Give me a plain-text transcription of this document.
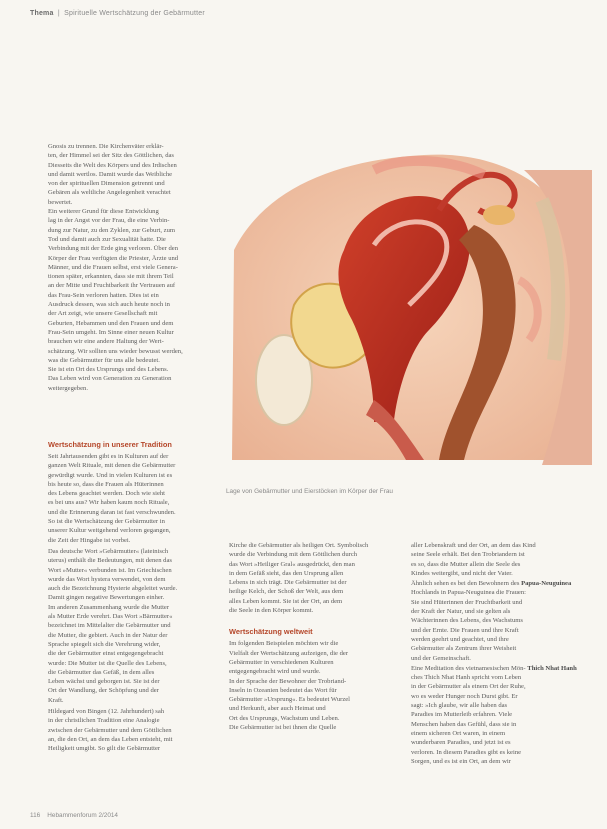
Thema  |  Spirituelle Wertschätzung der Gebärmutter
Gnosis zu trennen. Die Kirchenväter erklär-
ten, der Himmel sei der Sitz des Göttlichen, das
Diesseits die Welt des Körpers und des Irdischen
und damit wertlos. Damit wurde das Weibliche
von der spirituellen Dimension getrennt und
Gebären als weltliche Angelegenheit verachtet
bewertet.
Ein weiterer Grund für diese Entwicklung
lag in der Angst vor der Frau, die eine Verbin-
dung zur Natur, zu den Zyklen, zur Geburt, zum
Tod und damit auch zur Sexualität hatte. Die
Verbindung mit der Erde ging verloren. Über den
Körper der Frau verfügten die Priester, Ärzte und
Männer, und die Frauen selbst, erst viele Genera-
tionen später, erkannten, dass sie mit ihrem Teil
an der Mitte und Fruchtbarkeit ihr Vertrauen auf
das Frau-Sein verloren hatten. Dies ist ein
Ausdruck dessen, was sich auch heute noch in
der Art zeigt, wie unsere Gesellschaft mit
Geburten, Hebammen und den Frauen und dem
Frau-Sein umgeht. Im Sinne einer neuen Kultur
brauchen wir eine andere Haltung der Wert-
schätzung. Wir sollten uns wieder bewusst werden,
was die Gebärmutter für uns alle bedeutet.
Sie ist ein Ort des Ursprungs und des Lebens.
Das Leben wird von Generation zu Generation
weitergegeben.
Lage von Gebärmutter und Eierstöcken im Körper der Frau
Wertschätzung in unserer Tradition
Seit Jahrtausenden gibt es in Kulturen auf der
ganzen Welt Rituale, mit denen die Gebärmutter
gewürdigt wurde. Und in vielen Kulturen ist es
bis heute so, dass die Frauen als Hüterinnen
des Lebens geachtet werden. Doch wie sieht
es bei uns aus? Wir haben kaum noch Rituale,
und die Erinnerung daran ist fast verschwunden.
So ist die Wertschätzung der Gebärmutter in
unserer Kultur weitgehend verloren gegangen,
die Zeit der Hingabe ist vorbei.
Das deutsche Wort »Gebärmutter« (lateinisch
uterus) enthält die Bedeutungen, mit denen das
Wort »Mutter« verbunden ist. Im Griechischen
wurde das Wort hystera verwendet, von dem
auch die Bezeichnung Hysterie abgeleitet wurde.
Damit gingen negative Bewertungen einher.
Im anderen Zusammenhang wurde die Mutter
als Mutter Erde verehrt. Das Wort »Bärmutter«
bezeichnet im Mittelalter die Gebärmutter und
die Mutter, die gebiert. Auch in der Natur der
Sprache spiegelt sich die Verehrung wider,
die der Gebärmutter einst entgegengebracht
wurde: Die Mutter ist die Quelle des Lebens,
die Gebärmutter das Gefäß, in dem alles
Leben wächst und geborgen ist. Sie ist der
Ort der Wandlung, der Schöpfung und der
Kraft.
Hildegard von Bingen (12. Jahrhundert) sah
in der christlichen Tradition eine Analogie
zwischen der Gebärmutter und dem Göttlichen
an, die den Ort, an dem das Leben entsteht, mit
Heiligkeit umgibt. So gilt die Gebärmutter
Kirche die Gebärmutter als heiligen Ort. Symbolisch
wurde die Verbindung mit dem Göttlichen durch
das Wort »Heiliger Gral« ausgedrückt, den man
in dem Gefäß sieht, das den Ursprung allen
Lebens in sich trägt. Die Gebärmutter ist der
heilige Kelch, der Schoß der Welt, aus dem
alles Leben kommt. Sie ist der Ort, an dem
die Seele in den Körper kommt.
Wertschätzung weltweit
Im folgenden Beispielen möchten wir die
Vielfalt der Wertschätzung aufzeigen, die der
Gebärmutter in verschiedenen Kulturen
entgegengebracht wird und wurde.
In der Sprache der Bewohner der Trobriand-
Inseln in Ozeanien bedeutet das Wort für
Gebärmutter »Ursprung«. Es bedeutet Wurzel
und Herkunft, aber auch Heimat und
Ort des Ursprungs, Wachstum und Leben.
Die Gebärmutter ist bei ihnen die Quelle
aller Lebenskraft und der Ort, an dem das Kind
seine Seele erhält. Bei den Trobriandern ist
es so, dass die Mutter allein die Seele des
Kindes weitergibt, und nicht der Vater.
Ähnlich sehen es bei den Bewohnern des Papua-Neuguinea
Hochlands in Papua-Neuguinea die Frauen:
Sie sind Hüterinnen der Fruchtbarkeit und
der Kraft der Natur, und sie gelten als
Wächterinnen des Lebens, des Wachstums
und der Ernte. Die Frauen und ihre Kraft
werden geehrt und geachtet, und ihre
Gebärmutter als Zentrum ihrer Weisheit
und der Gemeinschaft.
Eine Meditation des vietnamesischen Mön- Thich Nhat Hanh
ches Thich Nhat Hanh spricht vom Leben
in der Gebärmutter als einem Ort der Ruhe,
wo es weder Hunger noch Durst gibt. Er
sagt: »Ich glaube, wir alle haben das
Paradies im Mutterleib erfahren. Viele
Menschen haben das Gefühl, dass sie in
einem sicheren Ort waren, in einem
wunderbaren Paradies, und jetzt ist es
verloren. In diesem Paradies gibt es keine
Sorgen, und es ist ein Ort, an dem wir
116 Hebammenforum 2/2014
